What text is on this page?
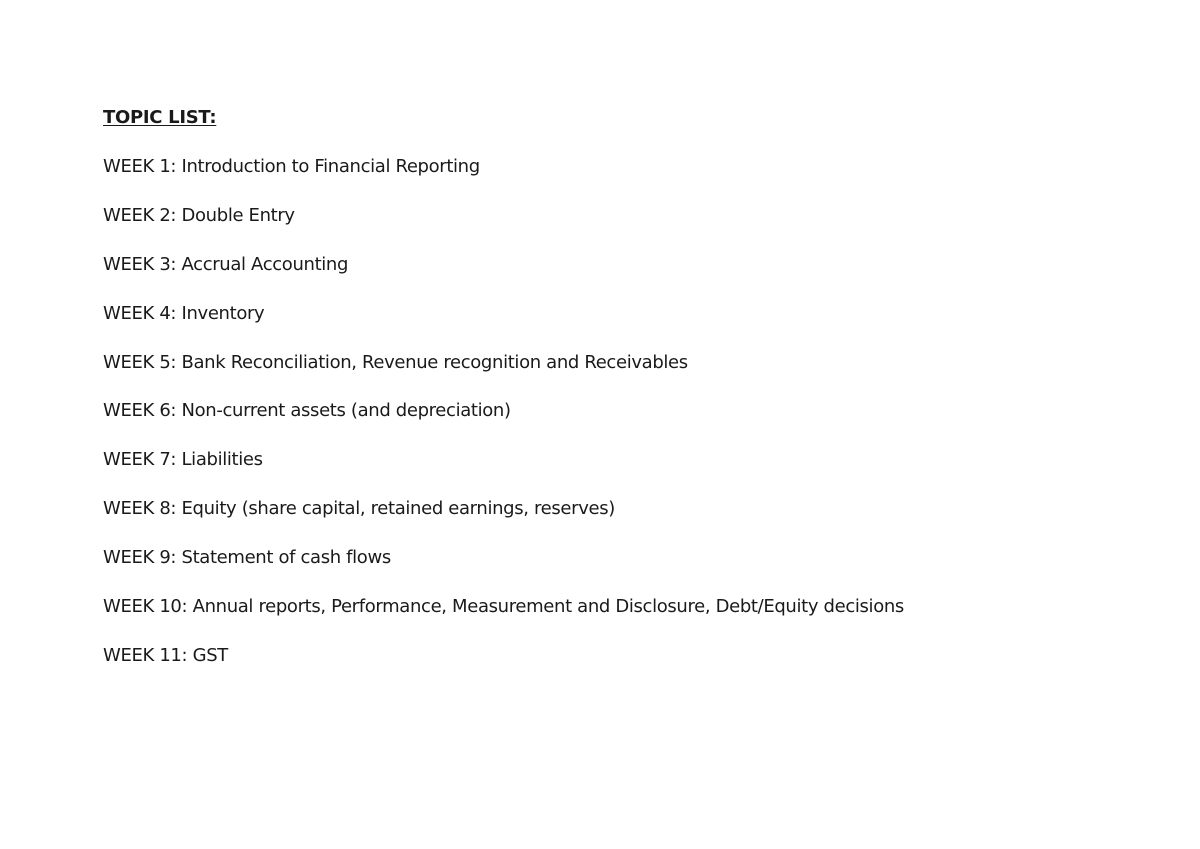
TOPIC LIST:
WEEK 1: Introduction to Financial Reporting
WEEK 2: Double Entry
WEEK 3: Accrual Accounting
WEEK 4: Inventory
WEEK 5: Bank Reconciliation, Revenue recognition and Receivables
WEEK 6: Non-current assets (and depreciation)
WEEK 7: Liabilities
WEEK 8: Equity (share capital, retained earnings, reserves)
WEEK 9: Statement of cash flows
WEEK 10: Annual reports, Performance, Measurement and Disclosure, Debt/Equity decisions
WEEK 11: GST
